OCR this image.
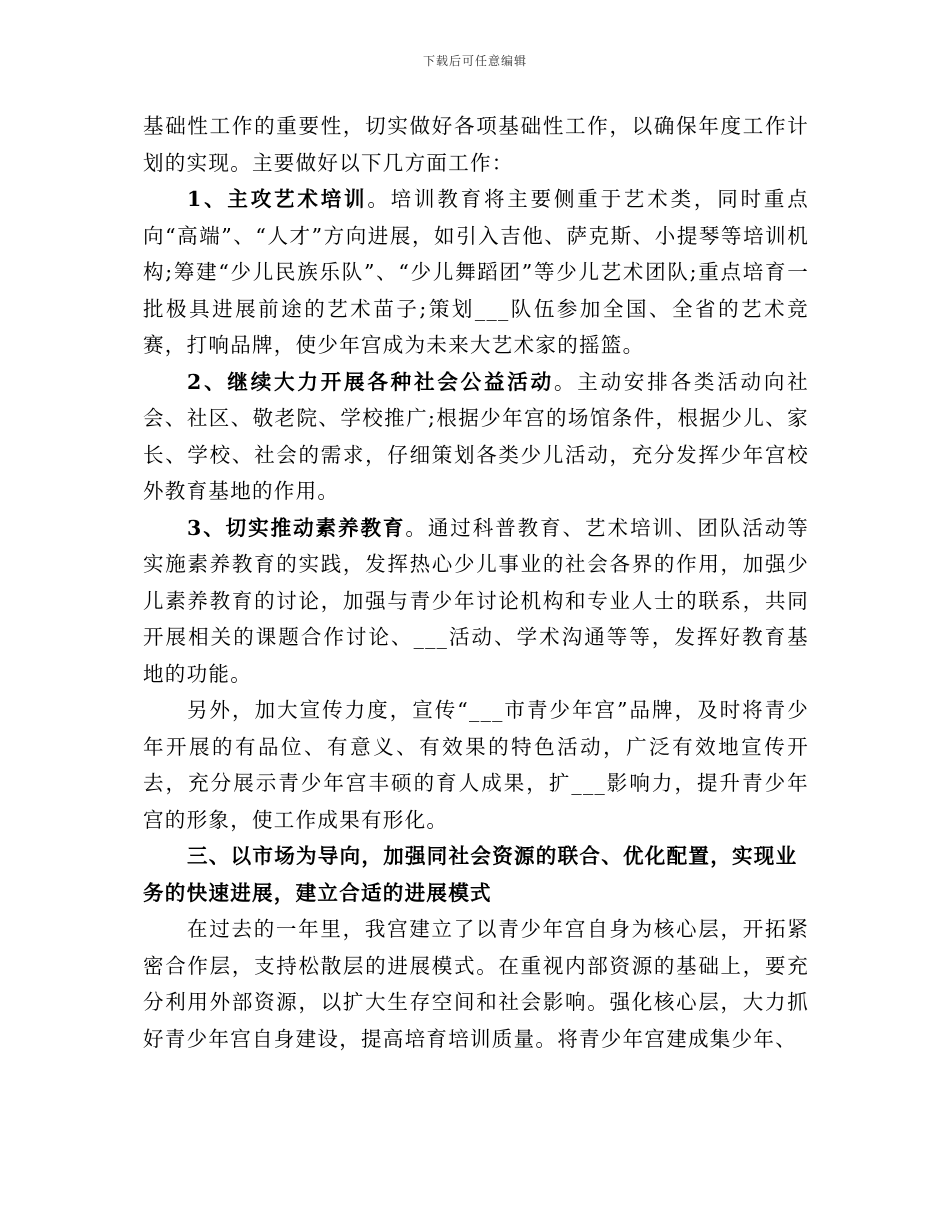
下载后可任意编辑

基础性工作的重要性，切实做好各项基础性工作，以确保年度工作计划的实现。主要做好以下几方面工作：

1、主攻艺术培训。培训教育将主要侧重于艺术类，同时重点向“高端”、“人才”方向进展，如引入吉他、萨克斯、小提琴等培训机构;筹建“少儿民族乐队”、“少儿舞蹈团”等少儿艺术团队;重点培育一批极具进展前途的艺术苗子;策划___队伍参加全国、全省的艺术竞赛，打响品牌，使少年宫成为未来大艺术家的摇篮。

2、继续大力开展各种社会公益活动。主动安排各类活动向社会、社区、敬老院、学校推广;根据少年宫的场馆条件，根据少儿、家长、学校、社会的需求，仔细策划各类少儿活动，充分发挥少年宫校外教育基地的作用。

3、切实推动素养教育。通过科普教育、艺术培训、团队活动等实施素养教育的实践，发挥热心少儿事业的社会各界的作用，加强少儿素养教育的讨论，加强与青少年讨论机构和专业人士的联系，共同开展相关的课题合作讨论、___活动、学术沟通等等，发挥好教育基地的功能。

另外，加大宣传力度，宣传“___市青少年宫”品牌，及时将青少年开展的有品位、有意义、有效果的特色活动，广泛有效地宣传开去，充分展示青少年宫丰硕的育人成果，扩___影响力，提升青少年宫的形象，使工作成果有形化。

三、以市场为导向，加强同社会资源的联合、优化配置，实现业务的快速进展，建立合适的进展模式

在过去的一年里，我宫建立了以青少年宫自身为核心层，开拓紧密合作层，支持松散层的进展模式。在重视内部资源的基础上，要充分利用外部资源，以扩大生存空间和社会影响。强化核心层，大力抓好青少年宫自身建设，提高培育培训质量。将青少年宫建成集少年、
